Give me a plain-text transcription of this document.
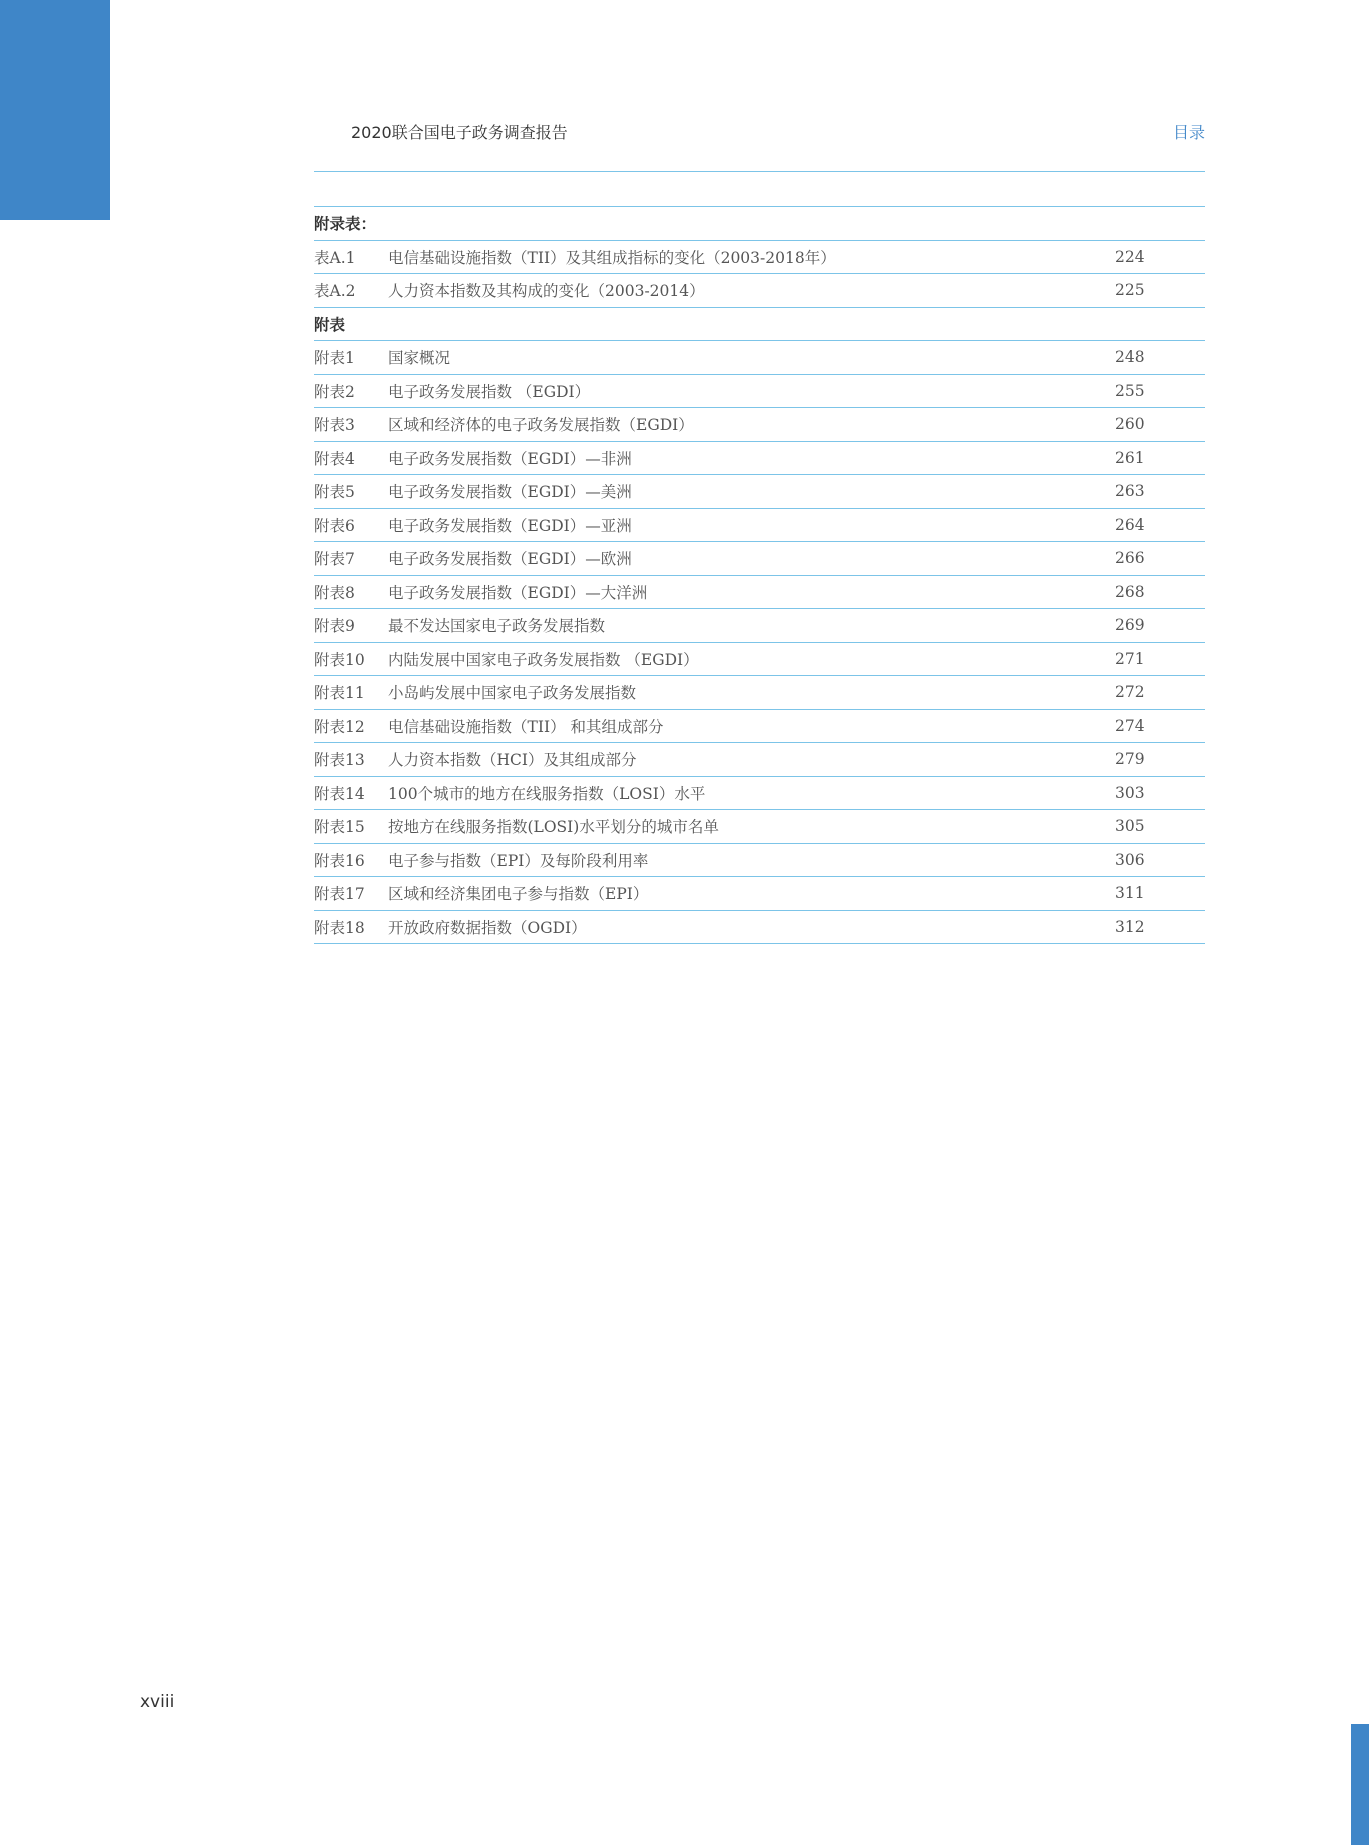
2020联合国电子政务调查报告	目录
附录表：
表A.1	电信基础设施指数（TII）及其组成指标的变化（2003-2018年）	224
表A.2	人力资本指数及其构成的变化（2003-2014）	225
附表
附表1	国家概况	248
附表2	电子政务发展指数 （EGDI）	255
附表3	区域和经济体的电子政务发展指数（EGDI）	260
附表4	电子政务发展指数（EGDI）—非洲	261
附表5	电子政务发展指数（EGDI）—美洲	263
附表6	电子政务发展指数（EGDI）—亚洲	264
附表7	电子政务发展指数（EGDI）—欧洲	266
附表8	电子政务发展指数（EGDI）—大洋洲	268
附表9	最不发达国家电子政务发展指数	269
附表10	内陆发展中国家电子政务发展指数 （EGDI）	271
附表11	小岛屿发展中国家电子政务发展指数	272
附表12	电信基础设施指数（TII） 和其组成部分	274
附表13	人力资本指数（HCI）及其组成部分	279
附表14	100个城市的地方在线服务指数（LOSI）水平	303
附表15	按地方在线服务指数(LOSI)水平划分的城市名单	305
附表16	电子参与指数（EPI）及每阶段利用率	306
附表17	区域和经济集团电子参与指数（EPI）	311
附表18	开放政府数据指数（OGDI）	312
xviii
